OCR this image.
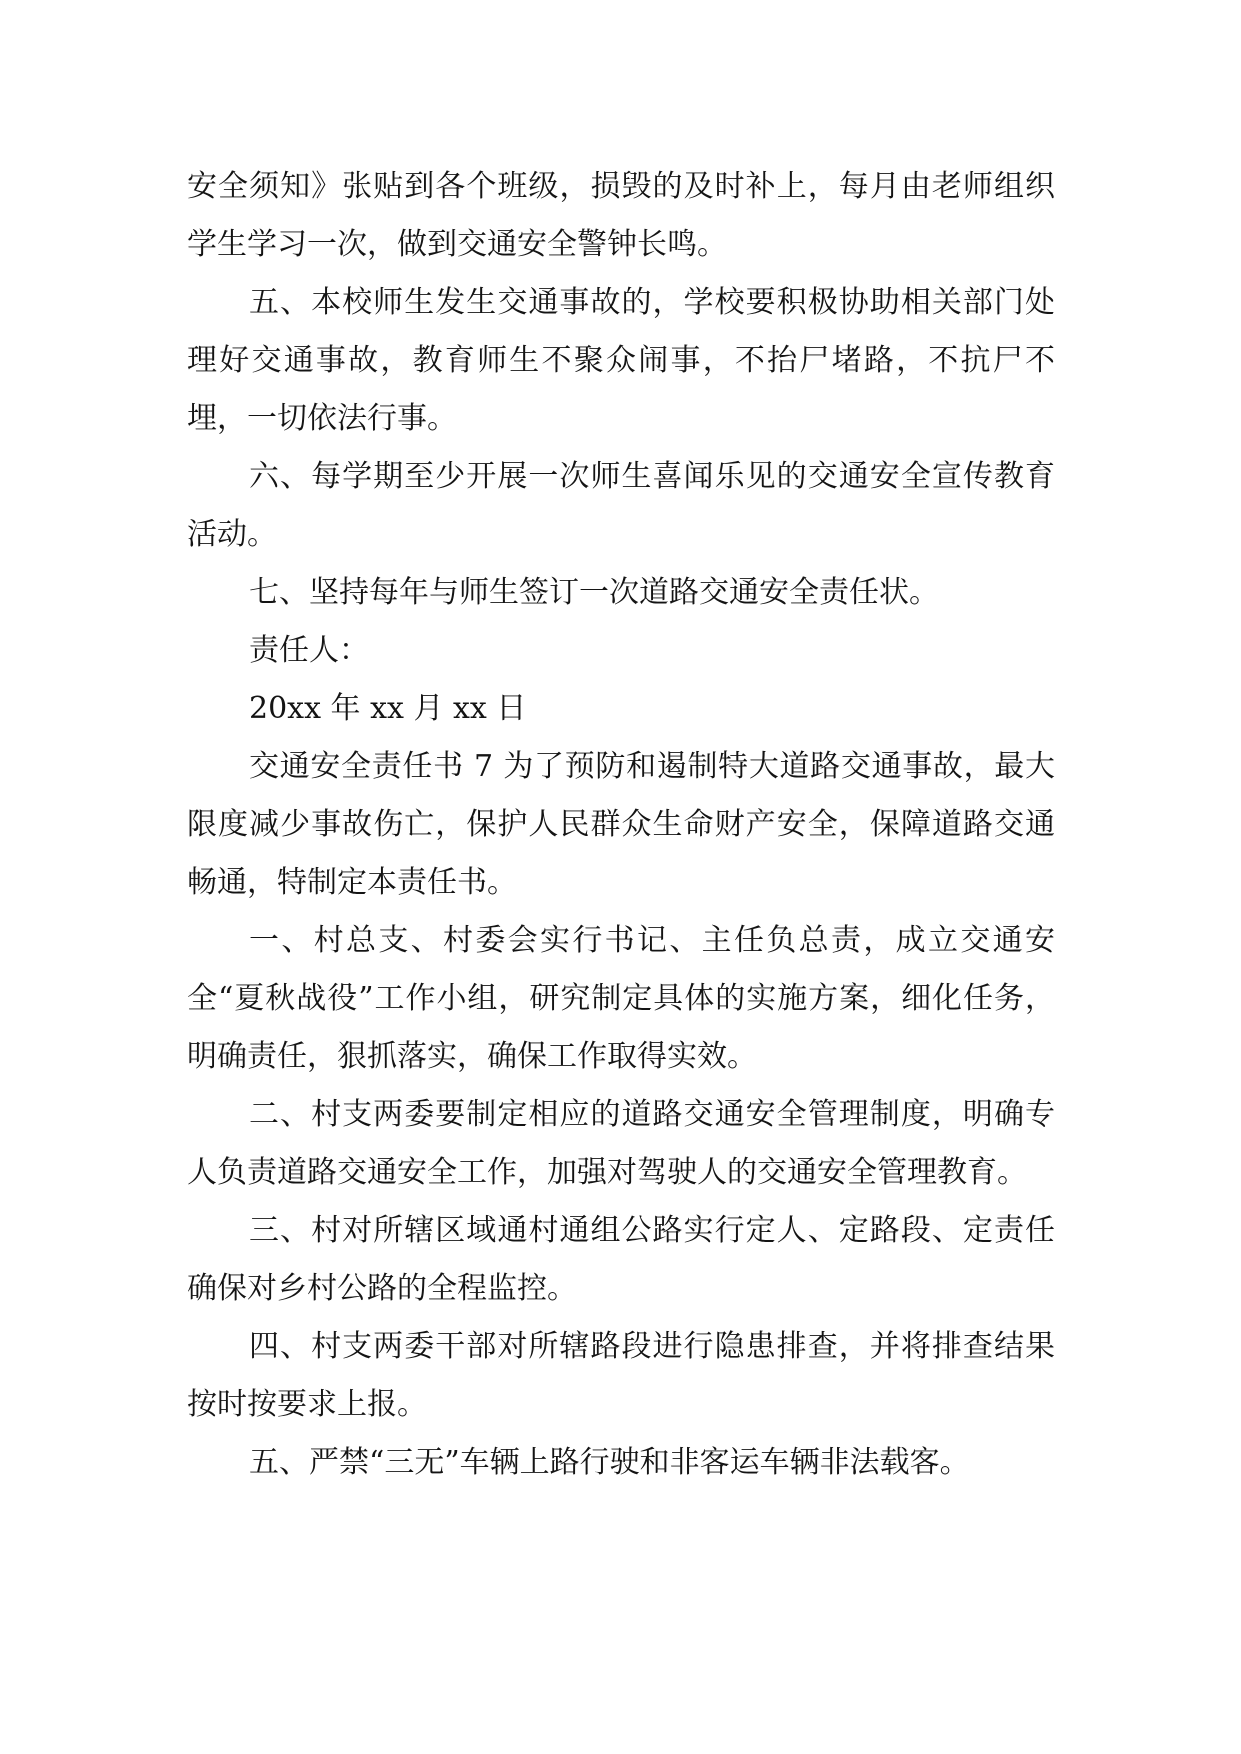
安全须知》张贴到各个班级，损毁的及时补上，每月由老师组织学生学习一次，做到交通安全警钟长鸣。

五、本校师生发生交通事故的，学校要积极协助相关部门处理好交通事故，教育师生不聚众闹事，不抬尸堵路，不抗尸不埋，一切依法行事。

六、每学期至少开展一次师生喜闻乐见的交通安全宣传教育活动。

七、坚持每年与师生签订一次道路交通安全责任状。

责任人：

20xx 年 xx 月 xx 日

交通安全责任书 7 为了预防和遏制特大道路交通事故，最大限度减少事故伤亡，保护人民群众生命财产安全，保障道路交通畅通，特制定本责任书。

一、村总支、村委会实行书记、主任负总责，成立交通安全“夏秋战役”工作小组，研究制定具体的实施方案，细化任务，明确责任，狠抓落实，确保工作取得实效。

二、村支两委要制定相应的道路交通安全管理制度，明确专人负责道路交通安全工作，加强对驾驶人的交通安全管理教育。

三、村对所辖区域通村通组公路实行定人、定路段、定责任确保对乡村公路的全程监控。

四、村支两委干部对所辖路段进行隐患排查，并将排查结果按时按要求上报。

五、严禁“三无”车辆上路行驶和非客运车辆非法载客。
